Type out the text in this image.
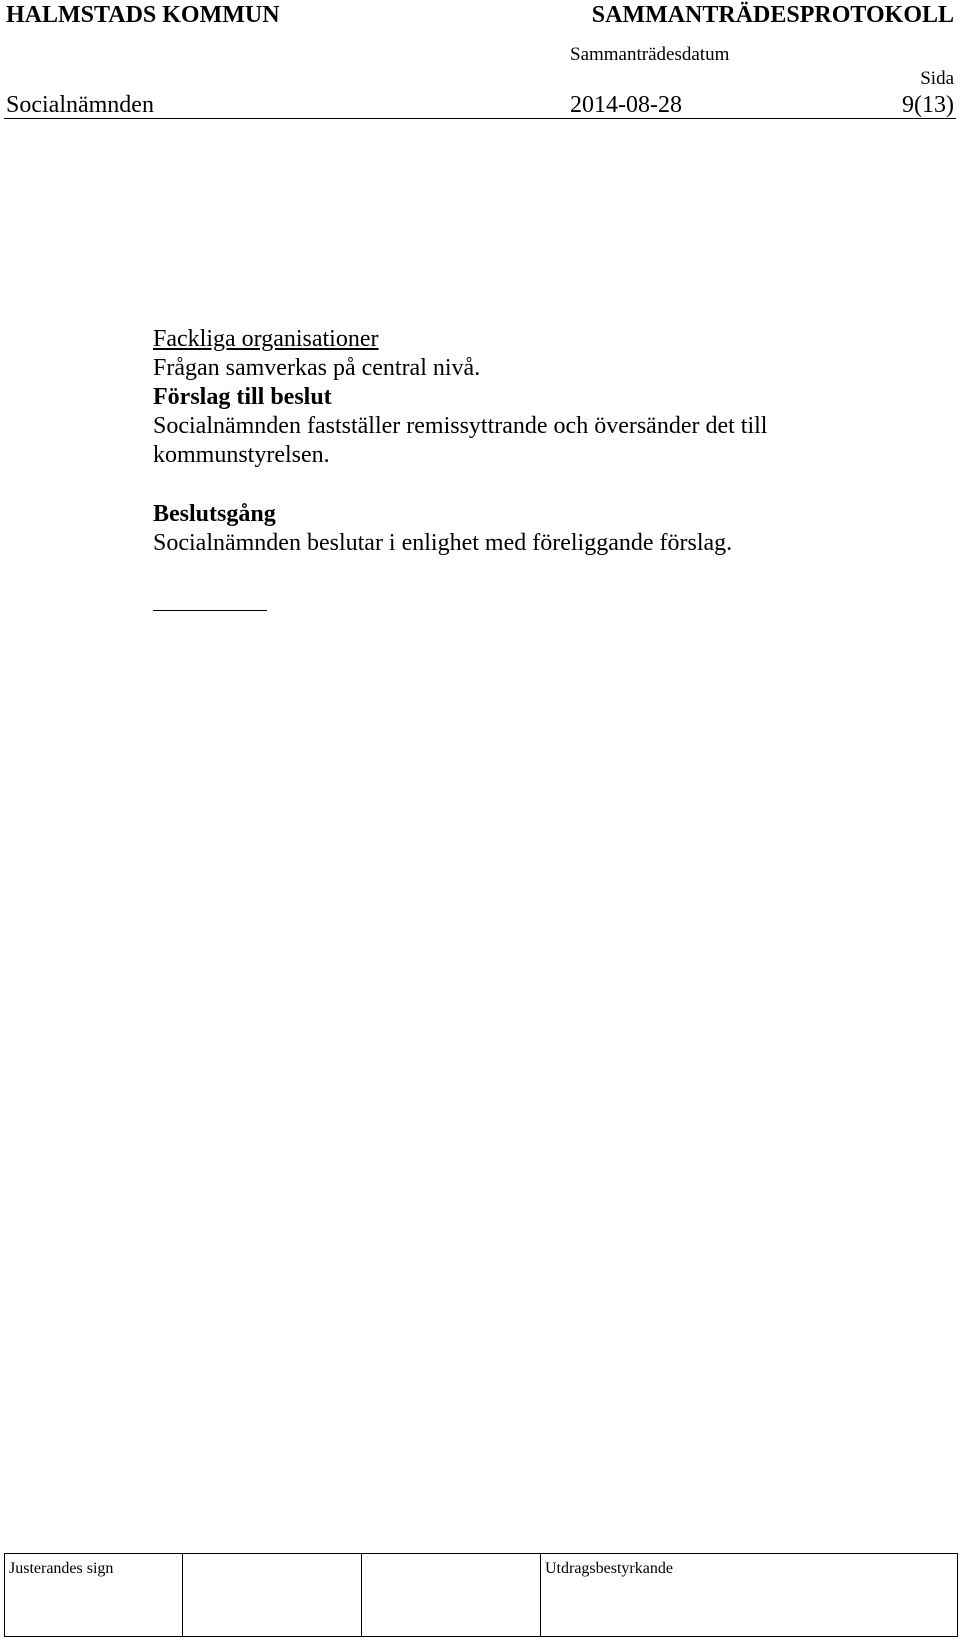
HALMSTADS KOMMUN	SAMMANTRÄDESPROTOKOLL
Sammanträdesdatum
Sida
Socialnämnden	2014-08-28	9(13)
Fackliga organisationer
Frågan samverkas på central nivå.
Förslag till beslut
Socialnämnden fastställer remissyttrande och översänder det till
kommunstyrelsen.
Beslutsgång
Socialnämnden beslutar i enlighet med föreliggande förslag.
Justerandes sign			Utdragsbestyrkande
